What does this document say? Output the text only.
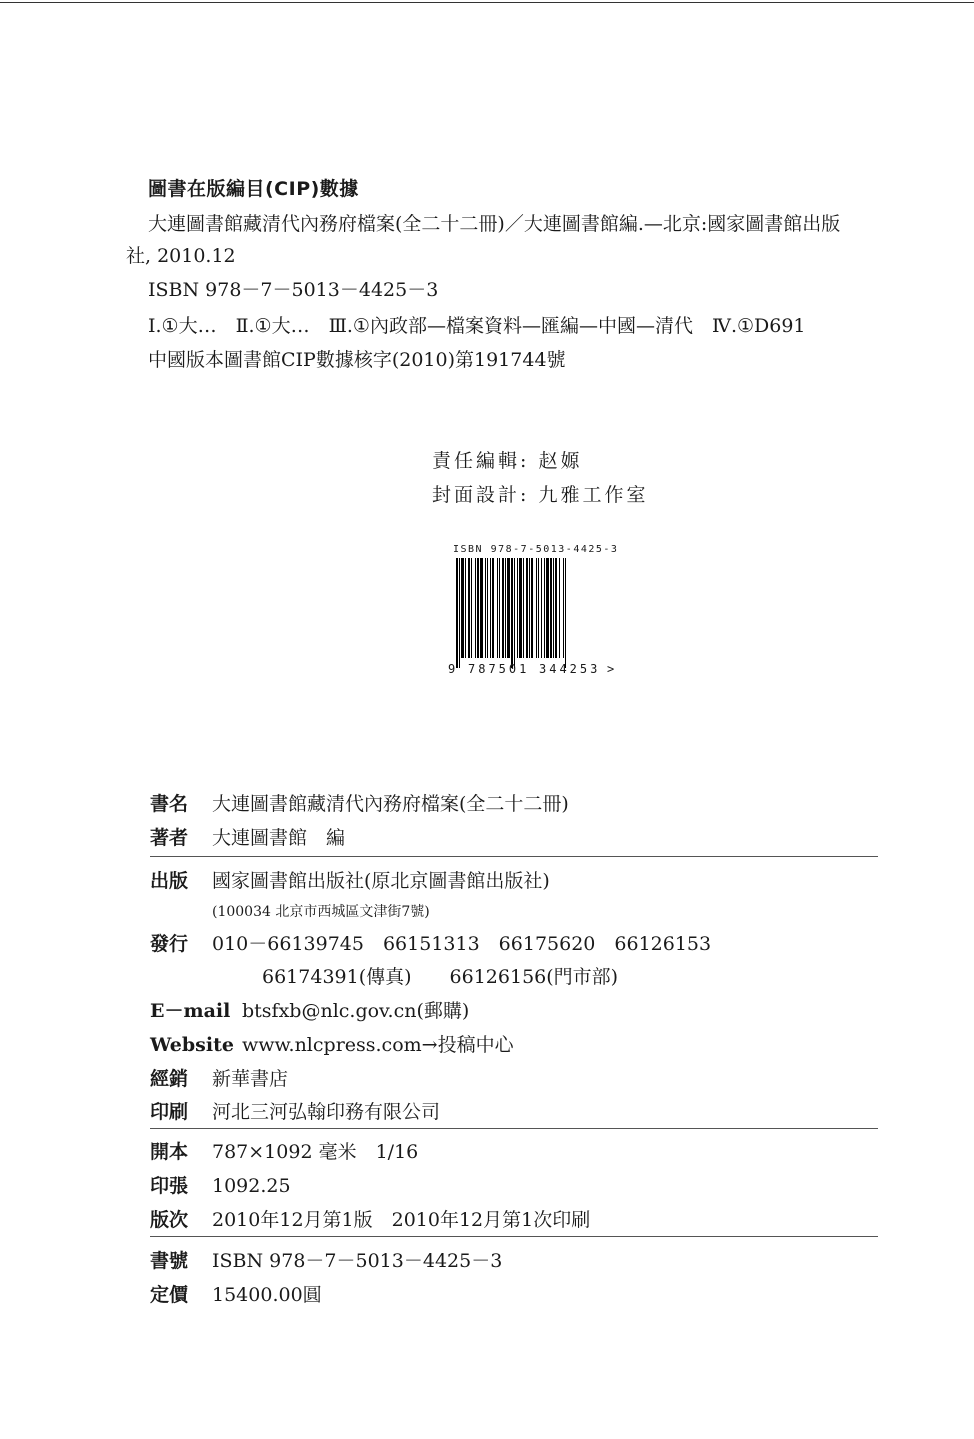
圖書在版編目(CIP)數據
大連圖書館藏清代內務府檔案(全二十二冊)／大連圖書館編.—北京:國家圖書館出版
社, 2010.12
ISBN 978－7－5013－4425－3
Ⅰ.①大…　Ⅱ.①大…　Ⅲ.①內政部—檔案資料—匯編—中國—清代　Ⅳ.①D691
中國版本圖書館CIP數據核字(2010)第191744號
責任編輯: 赵嫄
封面設計: 九雅工作室
ISBN 978-7-5013-4425-3
9 787501 344253 >
書名 大連圖書館藏清代內務府檔案(全二十二冊)
著者 大連圖書館　編
出版 國家圖書館出版社(原北京圖書館出版社)
(100034 北京市西城區文津街7號)
發行 010－66139745　66151313　66175620　66126153
66174391(傳真)　　66126156(門市部)
E－mail btsfxb@nlc.gov.cn(郵購)
Website www.nlcpress.com→投稿中心
經銷 新華書店
印刷 河北三河弘翰印務有限公司
開本 787×1092 毫米　1/16
印張 1092.25
版次 2010年12月第1版　2010年12月第1次印刷
書號 ISBN 978－7－5013－4425－3
定價 15400.00圓
